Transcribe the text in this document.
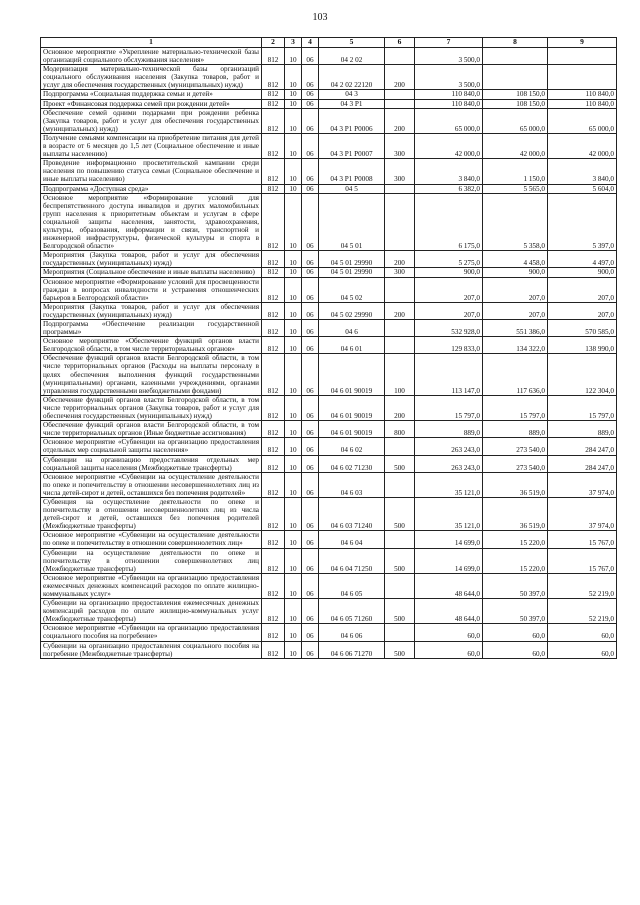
103
1	2	3	4	5	6	7	8	9
Основное мероприятие «Укрепление материально-технической базы организаций социального обслуживания населения»	812	10	06	04 2 02		3 500,0		
Модернизация материально-технической базы организаций социального обслуживания населения (Закупка товаров, работ и услуг для обеспечения государственных (муниципальных) нужд)	812	10	06	04 2 02 22120	200	3 500,0		
Подпрограмма «Социальная поддержка семьи и детей»	812	10	06	04 3		110 840,0	108 150,0	110 840,0
Проект «Финансовая поддержка семей при рождении детей»	812	10	06	04 3 P1		110 840,0	108 150,0	110 840,0
Обеспечение семей одними подарками при рождении ребенка (Закупка товаров, работ и услуг для обеспечения государственных (муниципальных) нужд)	812	10	06	04 3 P1 P0006	200	65 000,0	65 000,0	65 000,0
Получение семьями компенсации на приобретение питания для детей в возрасте от 6 месяцев до 1,5 лет (Социальное обеспечение и иные выплаты населению)	812	10	06	04 3 P1 P0007	300	42 000,0	42 000,0	42 000,0
Проведение информационно просветительской кампании среди населения по повышению статуса семьи (Социальное обеспечение и иные выплаты населению)	812	10	06	04 3 P1 P0008	300	3 840,0	1 150,0	3 840,0
Подпрограмма «Доступная среда»	812	10	06	04 5		6 382,0	5 565,0	5 604,0
Основное мероприятие «Формирование условий для беспрепятственного доступа инвалидов и других маломобильных групп населения к приоритетным объектам и услугам в сфере социальной защиты населения, занятости, здравоохранения, культуры, образования, информации и связи, транспортной и инженерной инфраструктуры, физической культуры и спорта в Белгородской области»	812	10	06	04 5 01		6 175,0	5 358,0	5 397,0
Мероприятия (Закупка товаров, работ и услуг для обеспечения государственных (муниципальных) нужд)	812	10	06	04 5 01 29990	200	5 275,0	4 458,0	4 497,0
Мероприятия (Социальное обеспечение и иные выплаты населению)	812	10	06	04 5 01 29990	300	900,0	900,0	900,0
Основное мероприятие «Формирование условий для просвещенности граждан в вопросах инвалидности и устранения отношенческих барьеров в Белгородской области»	812	10	06	04 5 02		207,0	207,0	207,0
Мероприятия (Закупка товаров, работ и услуг для обеспечения государственных (муниципальных) нужд)	812	10	06	04 5 02 29990	200	207,0	207,0	207,0
Подпрограмма «Обеспечение реализации государственной программы»	812	10	06	04 6		532 928,0	551 386,0	570 585,0
Основное мероприятие «Обеспечение функций органов власти Белгородской области, в том числе территориальных органов»	812	10	06	04 6 01		129 833,0	134 322,0	138 990,0
Обеспечение функций органов власти Белгородской области, в том числе территориальных органов (Расходы на выплаты персоналу в целях обеспечения выполнения функций государственными (муниципальными) органами, казенными учреждениями, органами управления государственными внебюджетными фондами)	812	10	06	04 6 01 90019	100	113 147,0	117 636,0	122 304,0
Обеспечение функций органов власти Белгородской области, в том числе территориальных органов (Закупка товаров, работ и услуг для обеспечения государственных (муниципальных) нужд)	812	10	06	04 6 01 90019	200	15 797,0	15 797,0	15 797,0
Обеспечение функций органов власти Белгородской области, в том числе территориальных органов (Иные бюджетные ассигнования)	812	10	06	04 6 01 90019	800	889,0	889,0	889,0
Основное мероприятие «Субвенции на организацию предоставления отдельных мер социальной защиты населения»	812	10	06	04 6 02		263 243,0	273 540,0	284 247,0
Субвенции на организацию предоставления отдельных мер социальной защиты населения (Межбюджетные трансферты)	812	10	06	04 6 02 71230	500	263 243,0	273 540,0	284 247,0
Основное мероприятие «Субвенции на осуществление деятельности по опеке и попечительству в отношении несовершеннолетних лиц из числа детей-сирот и детей, оставшихся без попечения родителей»	812	10	06	04 6 03		35 121,0	36 519,0	37 974,0
Субвенция на осуществление деятельности по опеке и попечительству в отношении несовершеннолетних лиц из числа детей-сирот и детей, оставшихся без попечения родителей (Межбюджетные трансферты)	812	10	06	04 6 03 71240	500	35 121,0	36 519,0	37 974,0
Основное мероприятие «Субвенции на осуществление деятельности по опеке и попечительству в отношении совершеннолетних лиц»	812	10	06	04 6 04		14 699,0	15 220,0	15 767,0
Субвенции на осуществление деятельности по опеке и попечительству в отношении совершеннолетних лиц (Межбюджетные трансферты)	812	10	06	04 6 04 71250	500	14 699,0	15 220,0	15 767,0
Основное мероприятие «Субвенции на организацию предоставления ежемесячных денежных компенсаций расходов по оплате жилищно-коммунальных услуг»	812	10	06	04 6 05		48 644,0	50 397,0	52 219,0
Субвенции на организацию предоставления ежемесячных денежных компенсаций расходов по оплате жилищно-коммунальных услуг (Межбюджетные трансферты)	812	10	06	04 6 05 71260	500	48 644,0	50 397,0	52 219,0
Основное мероприятие «Субвенции на организацию предоставления социального пособия на погребение»	812	10	06	04 6 06		60,0	60,0	60,0
Субвенции на организацию предоставления социального пособия на погребение (Межбюджетные трансферты)	812	10	06	04 6 06 71270	500	60,0	60,0	60,0
